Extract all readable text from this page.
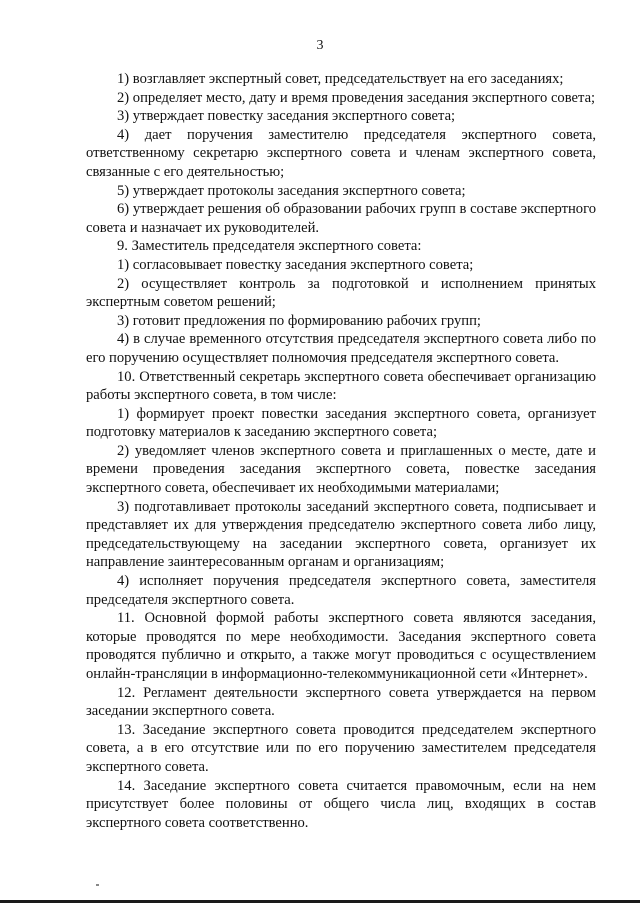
3

1) возглавляет экспертный совет, председательствует на его заседаниях;

2) определяет место, дату и время проведения заседания экспертного совета;

3) утверждает повестку заседания экспертного совета;

4) дает поручения заместителю председателя экспертного совета, ответственному секретарю экспертного совета и членам экспертного совета, связанные с его деятельностью;

5) утверждает протоколы заседания экспертного совета;

6) утверждает решения об образовании рабочих групп в составе экспертного совета и назначает их руководителей.

9. Заместитель председателя экспертного совета:

1) согласовывает повестку заседания экспертного совета;

2) осуществляет контроль за подготовкой и исполнением принятых экспертным советом решений;

3) готовит предложения по формированию рабочих групп;

4) в случае временного отсутствия председателя экспертного совета либо по его поручению осуществляет полномочия председателя экспертного совета.

10. Ответственный секретарь экспертного совета обеспечивает организацию работы экспертного совета, в том числе:

1) формирует проект повестки заседания экспертного совета, организует подготовку материалов к заседанию экспертного совета;

2) уведомляет членов экспертного совета и приглашенных о месте, дате и времени проведения заседания экспертного совета, повестке заседания экспертного совета, обеспечивает их необходимыми материалами;

3) подготавливает протоколы заседаний экспертного совета, подписывает и представляет их для утверждения председателю экспертного совета либо лицу, председательствующему на заседании экспертного совета, организует их направление заинтересованным органам и организациям;

4) исполняет поручения председателя экспертного совета, заместителя председателя экспертного совета.

11. Основной формой работы экспертного совета являются заседания, которые проводятся по мере необходимости. Заседания экспертного совета проводятся публично и открыто, а также могут проводиться с осуществлением онлайн-трансляции в информационно-телекоммуникационной сети «Интернет».

12. Регламент деятельности экспертного совета утверждается на первом заседании экспертного совета.

13. Заседание экспертного совета проводится председателем экспертного совета, а в его отсутствие или по его поручению заместителем председателя экспертного совета.

14. Заседание экспертного совета считается правомочным, если на нем присутствует более половины от общего числа лиц, входящих в состав экспертного совета соответственно.
